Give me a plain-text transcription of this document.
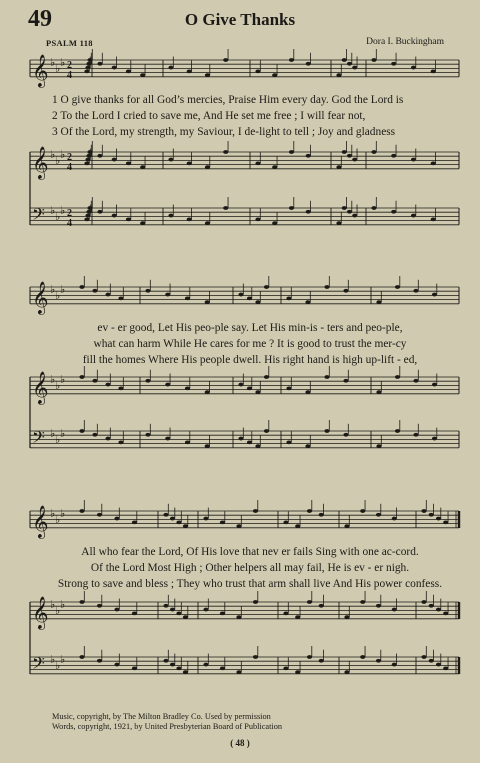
49	O Give Thanks
PSALM 118	Dora I. Buckingham
𝄞 ♭ ♭ ♭ 2
4
𝄞 ♭ ♭ ♭ 2
4
𝄢 ♭ ♭ ♭ 2
4
𝄞 ♭ ♭ ♭
𝄞 ♭ ♭ ♭
𝄢 ♭ ♭ ♭
𝄞 ♭ ♭ ♭
𝄞 ♭ ♭ ♭
𝄢 ♭ ♭ ♭
1 O give thanks for all God’s mercies, Praise Him every day. God the Lord is
2 To the Lord I cried to save me, And He set me free ; I will fear not,
3 Of the Lord, my strength, my Saviour, I de-light to tell ; Joy and gladness
ev - er good, Let His peo-ple say. Let His min-is - ters and peo-ple,
what can harm While He cares for me ? It is good to trust the mer-cy
fill the homes Where His people dwell. His right hand is high up-lift - ed,
All who fear the Lord, Of His love that nev er fails Sing with one ac-cord.
Of the Lord Most High ; Other helpers all may fail, He is ev - er nigh.
Strong to save and bless ; They who trust that arm shall live And His power confess.
Music, copyright, by The Milton Bradley Co. Used by permission
Words, copyright, 1921, by United Presbyterian Board of Publication
( 48 )
